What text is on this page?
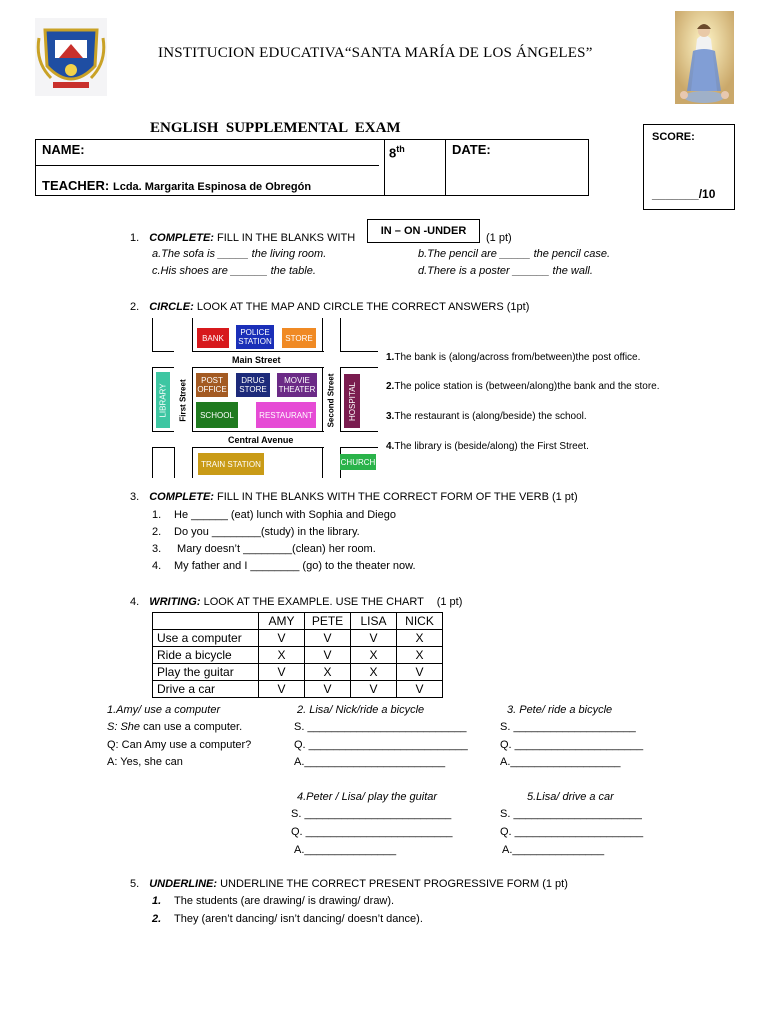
INSTITUCION EDUCATIVA“SANTA MARÍA DE LOS ÁNGELES”
ENGLISH  SUPPLEMENTAL  EXAM
NAME:	8th	DATE:
TEACHER: Lcda. Margarita Espinosa de Obregón
SCORE:
_______/10
1. COMPLETE: FILL IN THE BLANKS WITH
IN – ON -UNDER
(1 pt)
a.The sofa is _____ the living room.	b.The pencil are _____ the pencil case.
c.His shoes are ______ the table.	d.There is a poster ______ the wall.
2. CIRCLE: LOOK AT THE MAP AND CIRCLE THE CORRECT ANSWERS (1pt)
BANK
POLICE STATION	STORE
Main Street
LIBRARY First Street	POST OFFICE
DRUG STORE
MOVIE THEATER
SCHOOL	RESTAURANT	Second Street HOSPITAL
Central Avenue
TRAIN STATION	CHURCH
1.The bank is (along/across from/between)the post office.
2.The police station is (between/along)the bank and the store.
3.The restaurant is (along/beside) the school.
4.The library is (beside/along) the First Street.
3. COMPLETE: FILL IN THE BLANKS WITH THE CORRECT FORM OF THE VERB (1 pt)
1. He ______ (eat) lunch with Sophia and Diego
2. Do you ________(study) in the library.
3. Mary doesn’t ________(clean) her room.
4. My father and I ________ (go) to the theater now.
4. WRITING: LOOK AT THE EXAMPLE. USE THE CHART (1 pt)
	AMY	PETE	LISA	NICK
Use a computer	V	V	V	X
Ride a bicycle	X	V	X	X
Play the guitar	V	X	X	V
Drive a car	V	V	V	V
1.Amy/ use a computer
S: She can use a computer.
Q: Can Amy use a computer?
A: Yes, she can
2. Lisa/ Nick/ride a bicycle
S. __________________________
Q. __________________________
A._______________________
3. Pete/ ride a bicycle
S. ____________________
Q. _____________________
A.__________________
4.Peter / Lisa/ play the guitar
S. ________________________
Q. ________________________
A._______________
5.Lisa/ drive a car
S. _____________________
Q. _____________________
A._______________
5. UNDERLINE: UNDERLINE THE CORRECT PRESENT PROGRESSIVE FORM (1 pt)
1. The students (are drawing/ is drawing/ draw).
2. They (aren’t dancing/ isn’t dancing/ doesn’t dance).
